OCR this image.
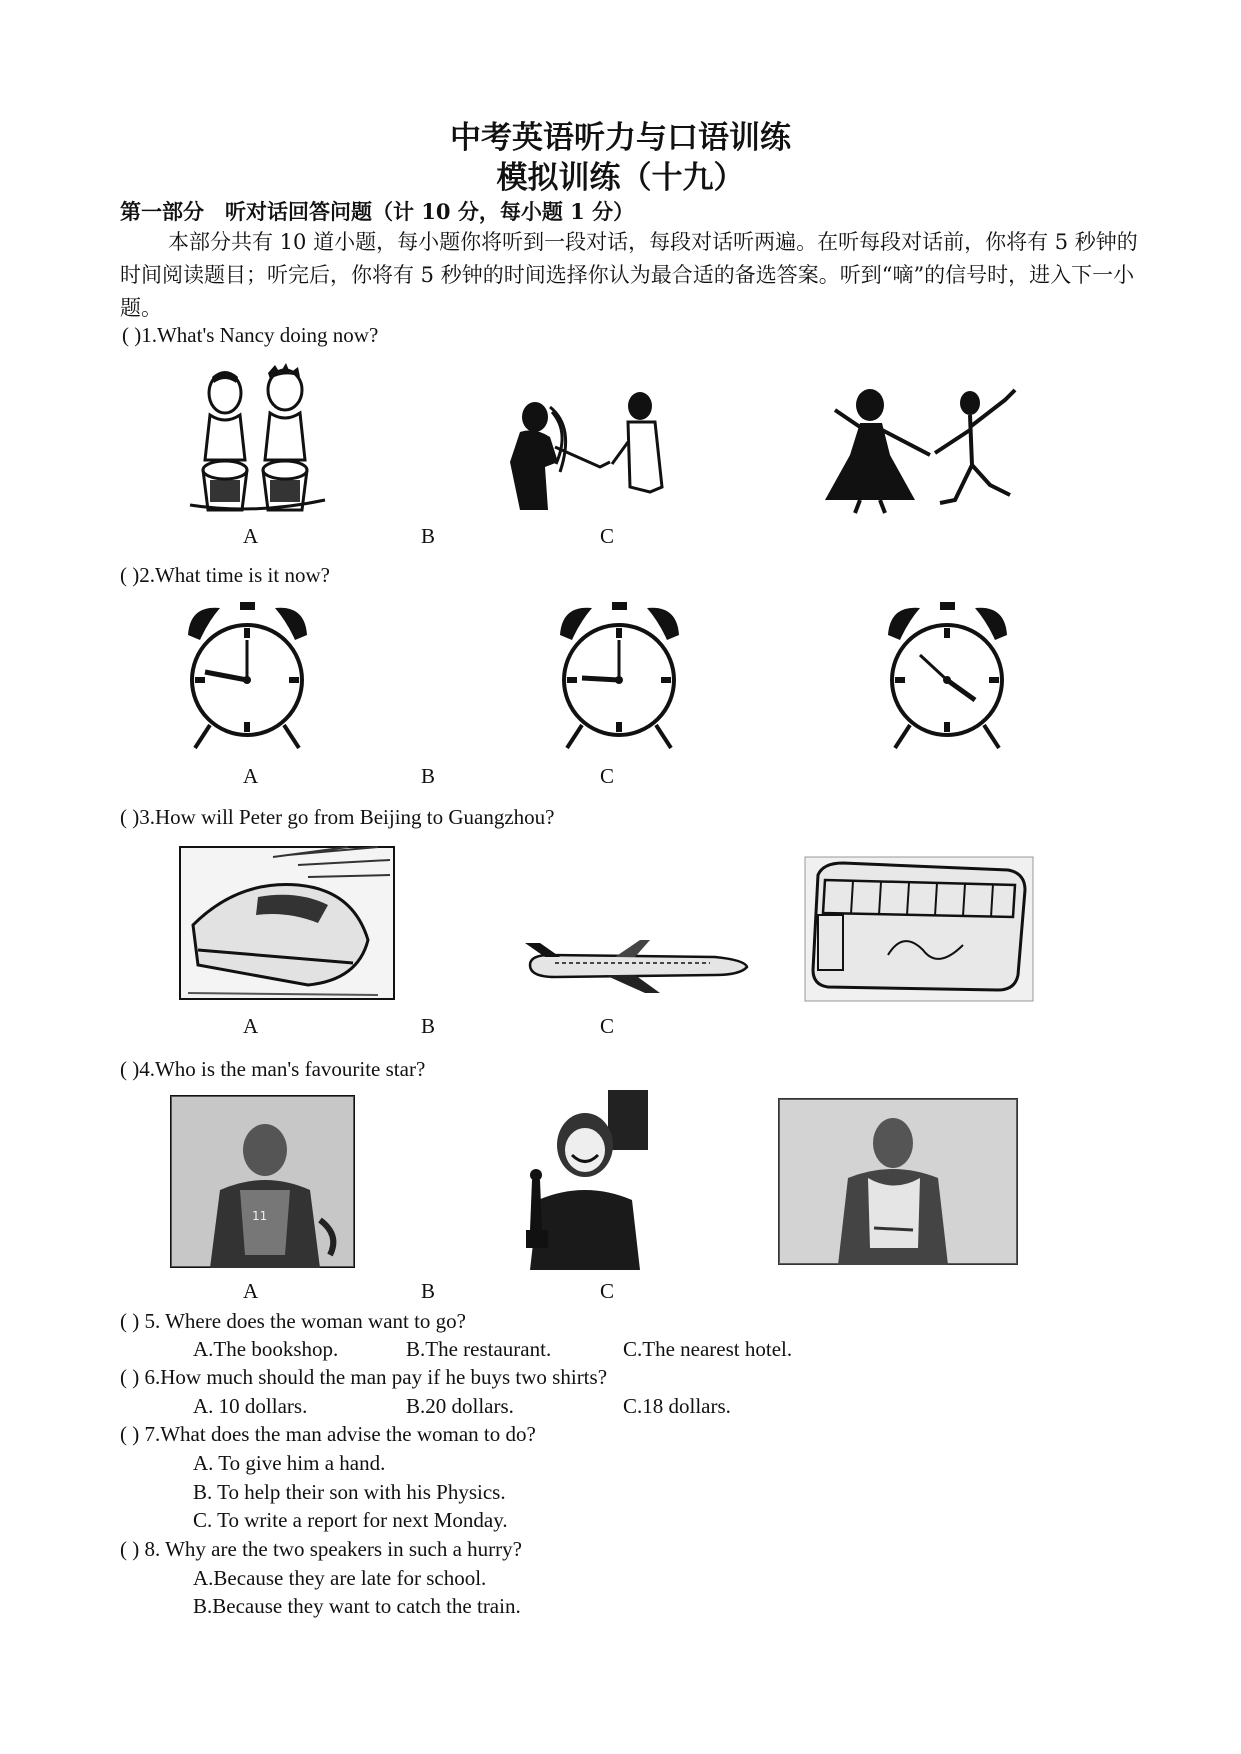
中考英语听力与口语训练
模拟训练（十九）
第一部分　听对话回答问题（计 10 分，每小题 1 分）
本部分共有 10 道小题，每小题你将听到一段对话，每段对话听两遍。在听每段对话前，你将有 5 秒钟的时间阅读题目；听完后，你将有 5 秒钟的时间选择你认为最合适的备选答案。听到“嘀”的信号时，进入下一小题。
( )1.What's Nancy doing now?
A	B	C
( )2.What time is it now?
A	B	C
( )3.How will Peter go from Beijing to Guangzhou?
A	B	C
( )4.Who is the man's favourite star?
11
A	B	C
( ) 5. Where does the woman want to go?
A.The bookshop.	B.The restaurant.	C.The nearest hotel.
( ) 6.How much should the man pay if he buys two shirts?
A. 10 dollars.	B.20 dollars.	C.18 dollars.
( ) 7.What does the man advise the woman to do?
A. To give him a hand.
B. To help their son with his Physics.
C. To write a report for next Monday.
( ) 8. Why are the two speakers in such a hurry?
A.Because they are late for school.
B.Because they want to catch the train.
